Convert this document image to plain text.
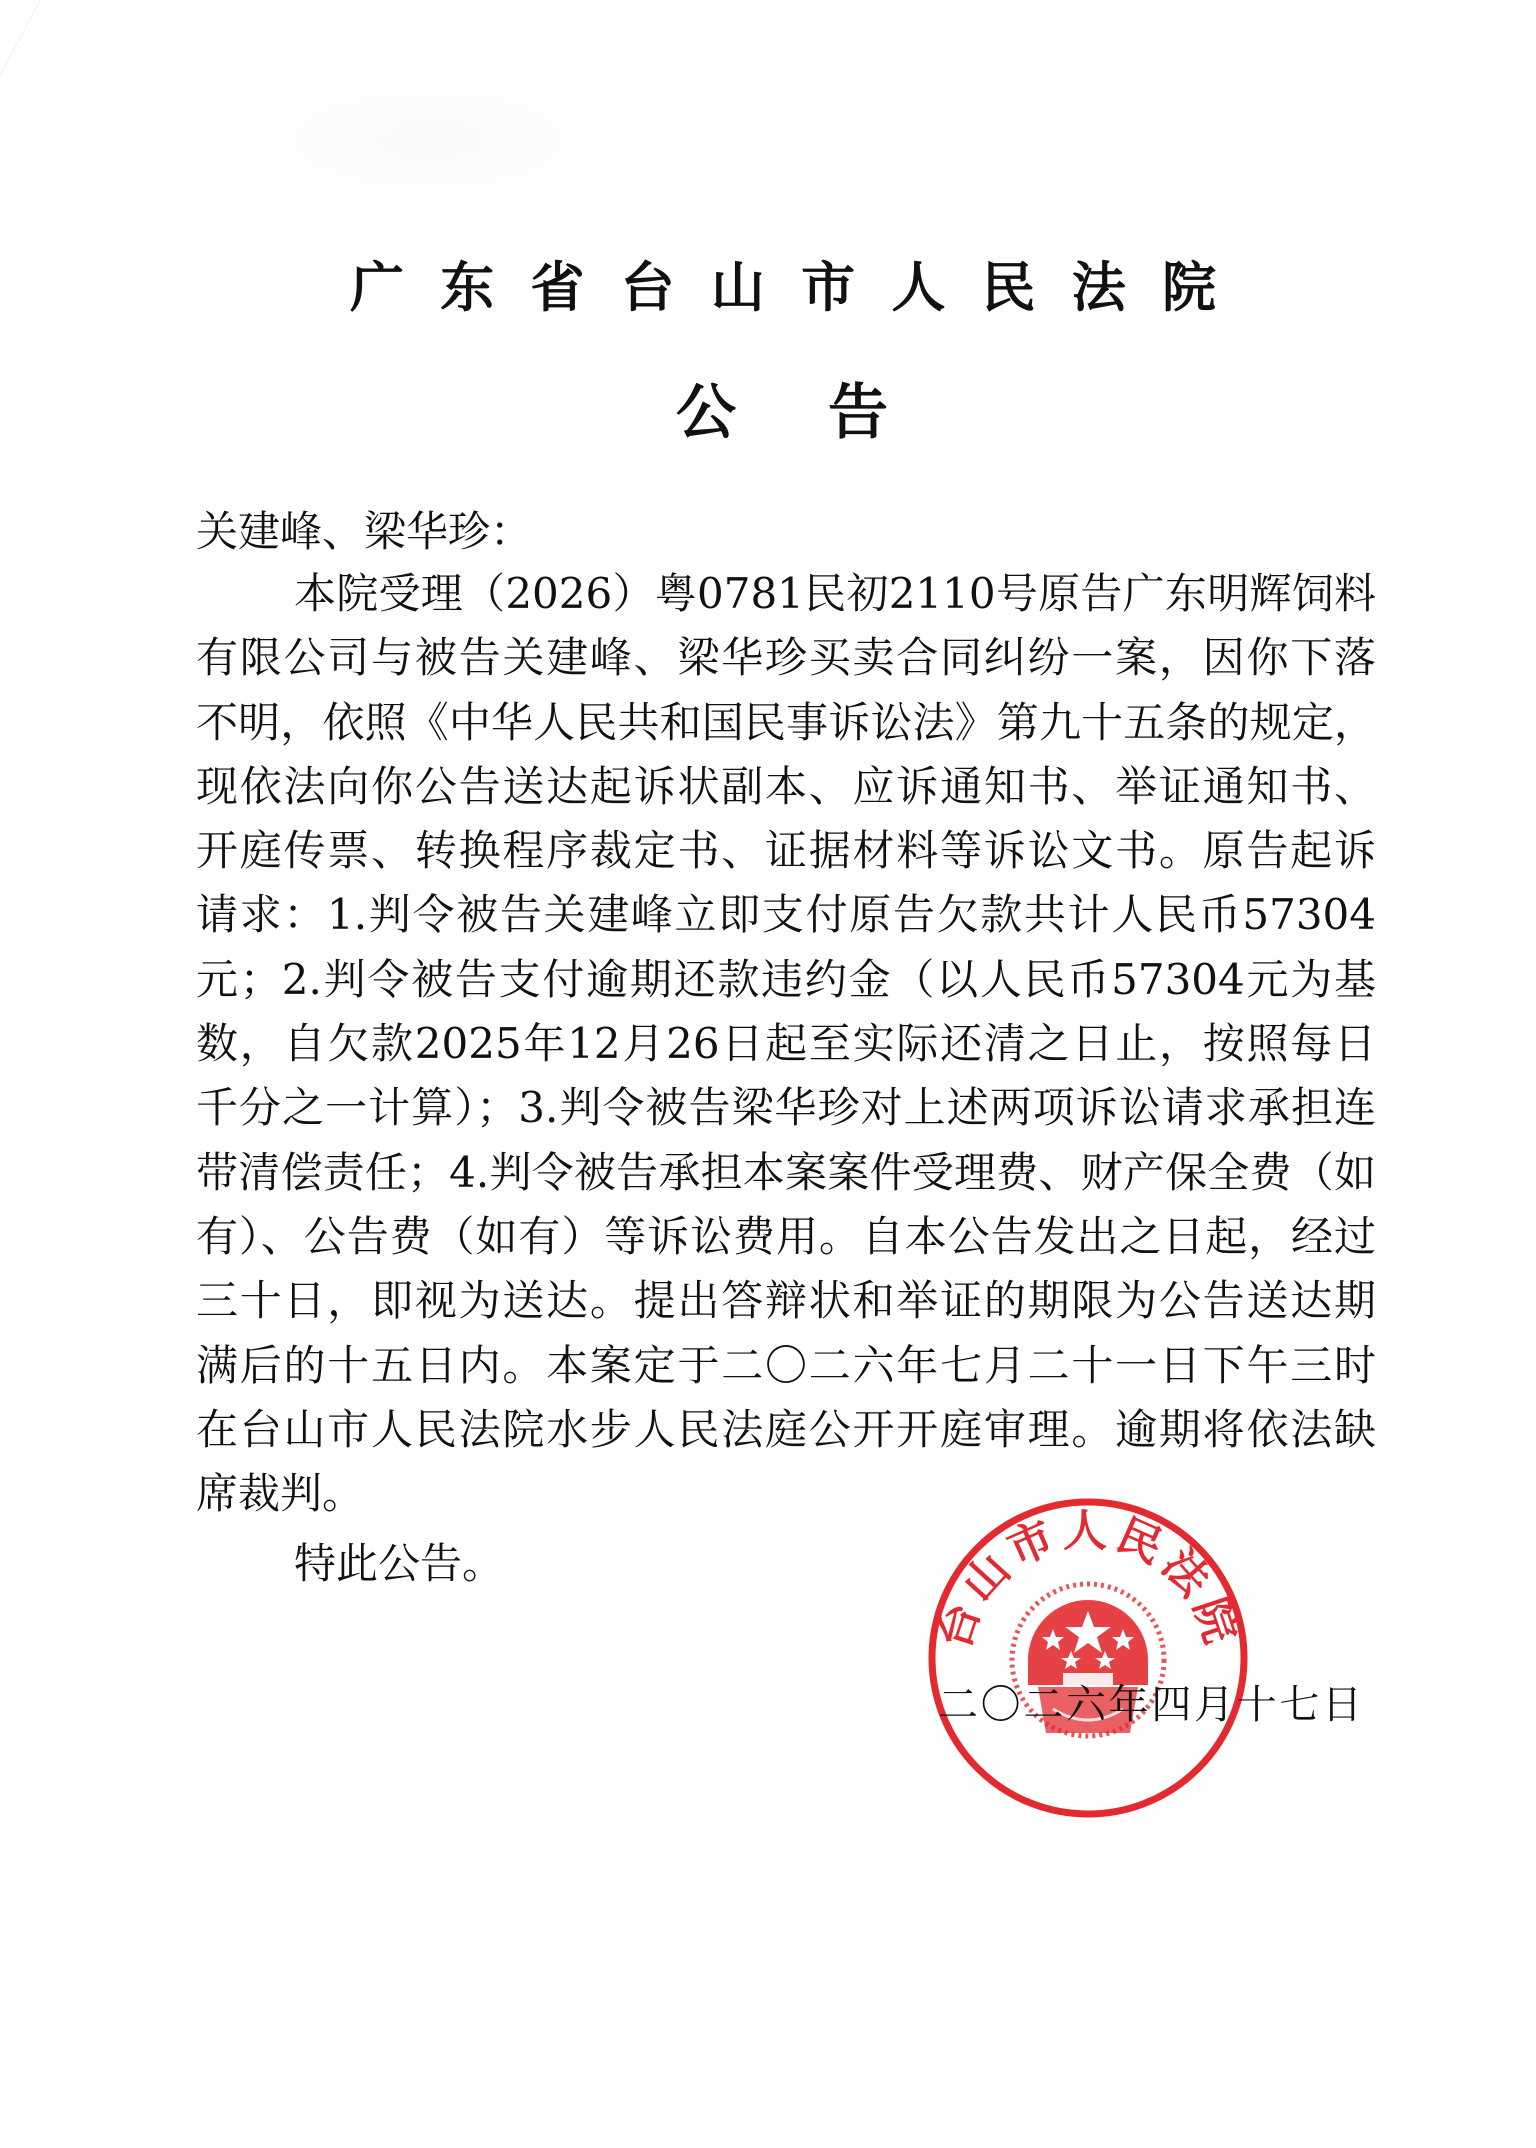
广东省台山市人民法院
公告
关建峰、梁华珍：
本院受理（2026）粤0781民初2110号原告广东明辉饲料
有限公司与被告关建峰、梁华珍买卖合同纠纷一案，因你下落
不明，依照《中华人民共和国民事诉讼法》第九十五条的规定，
现依法向你公告送达起诉状副本、应诉通知书、举证通知书、
开庭传票、转换程序裁定书、证据材料等诉讼文书。原告起诉
请求：1.判令被告关建峰立即支付原告欠款共计人民币57304
元；2.判令被告支付逾期还款违约金（以人民币57304元为基
数，自欠款2025年12月26日起至实际还清之日止，按照每日
千分之一计算）；3.判令被告梁华珍对上述两项诉讼请求承担连
带清偿责任；4.判令被告承担本案案件受理费、财产保全费（如
有）、公告费（如有）等诉讼费用。自本公告发出之日起，经过
三十日，即视为送达。提出答辩状和举证的期限为公告送达期
满后的十五日内。本案定于二〇二六年七月二十一日下午三时
在台山市人民法院水步人民法庭公开开庭审理。逾期将依法缺
席裁判。
特此公告。
台山市人民法院
二〇二六年四月十七日
